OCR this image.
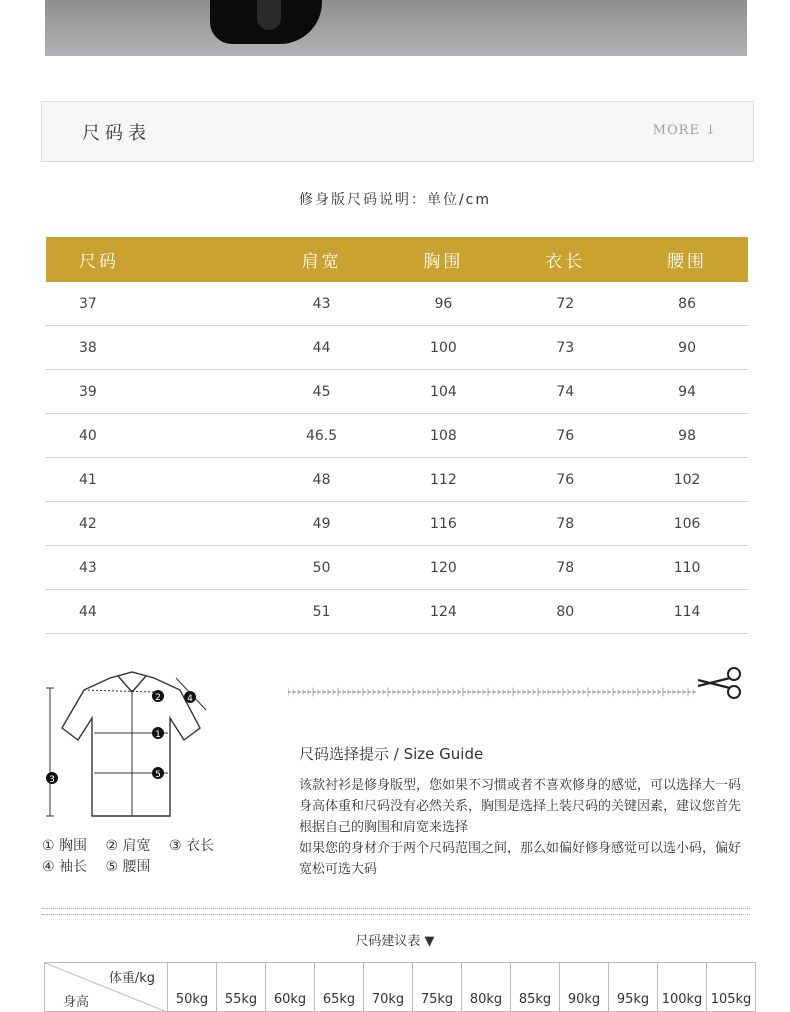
尺码表	MORE ↓
修身版尺码说明：单位/cm
尺码	肩宽	胸围	衣长	腰围
37	43	96	72	86
38	44	100	73	90
39	45	104	74	94
40	46.5	108	76	98
41	48	112	76	102
42	49	116	78	106
43	50	120	78	110
44	51	124	80	114
2	4
1
5
3
① 胸围 ② 肩宽 ③ 衣长
④ 袖长 ⑤ 腰围
尺码选择提示 / Size Guide
该款衬衫是修身版型，您如果不习惯或者不喜欢修身的感觉，可以选择大一码
身高体重和尺码没有必然关系，胸围是选择上装尺码的关键因素，建议您首先
根据自己的胸围和肩宽来选择
如果您的身材介于两个尺码范围之间，那么如偏好修身感觉可以选小码，偏好
宽松可选大码
尺码建议表 ▼
体重/kg
身高	50kg	55kg	60kg	65kg	70kg	75kg	80kg	85kg	90kg	95kg	100kg	105kg
